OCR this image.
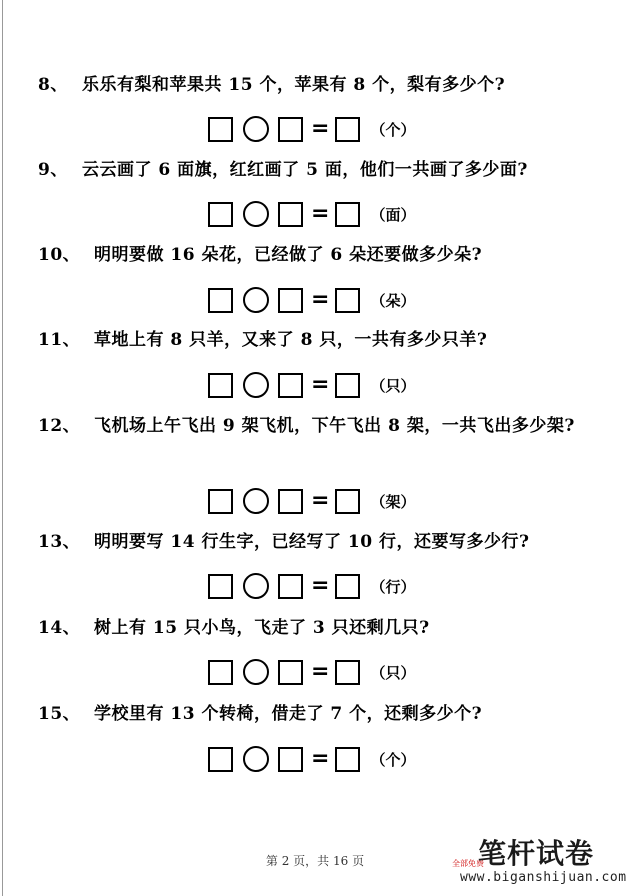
8、 乐乐有梨和苹果共 15 个，苹果有 8 个，梨有多少个?

=	（个）

9、 云云画了 6 面旗，红红画了 5 面，他们一共画了多少面?

=	（面）

10、 明明要做 16 朵花，已经做了 6 朵还要做多少朵?

=	（朵）

11、 草地上有 8 只羊，又来了 8 只，一共有多少只羊?

=	（只）

12、 飞机场上午飞出 9 架飞机，下午飞出 8 架，一共飞出多少架?

=	（架）

13、 明明要写 14 行生字，已经写了 10 行，还要写多少行?

=	（行）

14、 树上有 15 只小鸟，飞走了 3 只还剩几只?

=	（只）

15、 学校里有 13 个转椅，借走了 7 个，还剩多少个?

=	（个）
第 2 页，共 16 页	全部免费
笔杆试卷
www.biganshijuan.com
